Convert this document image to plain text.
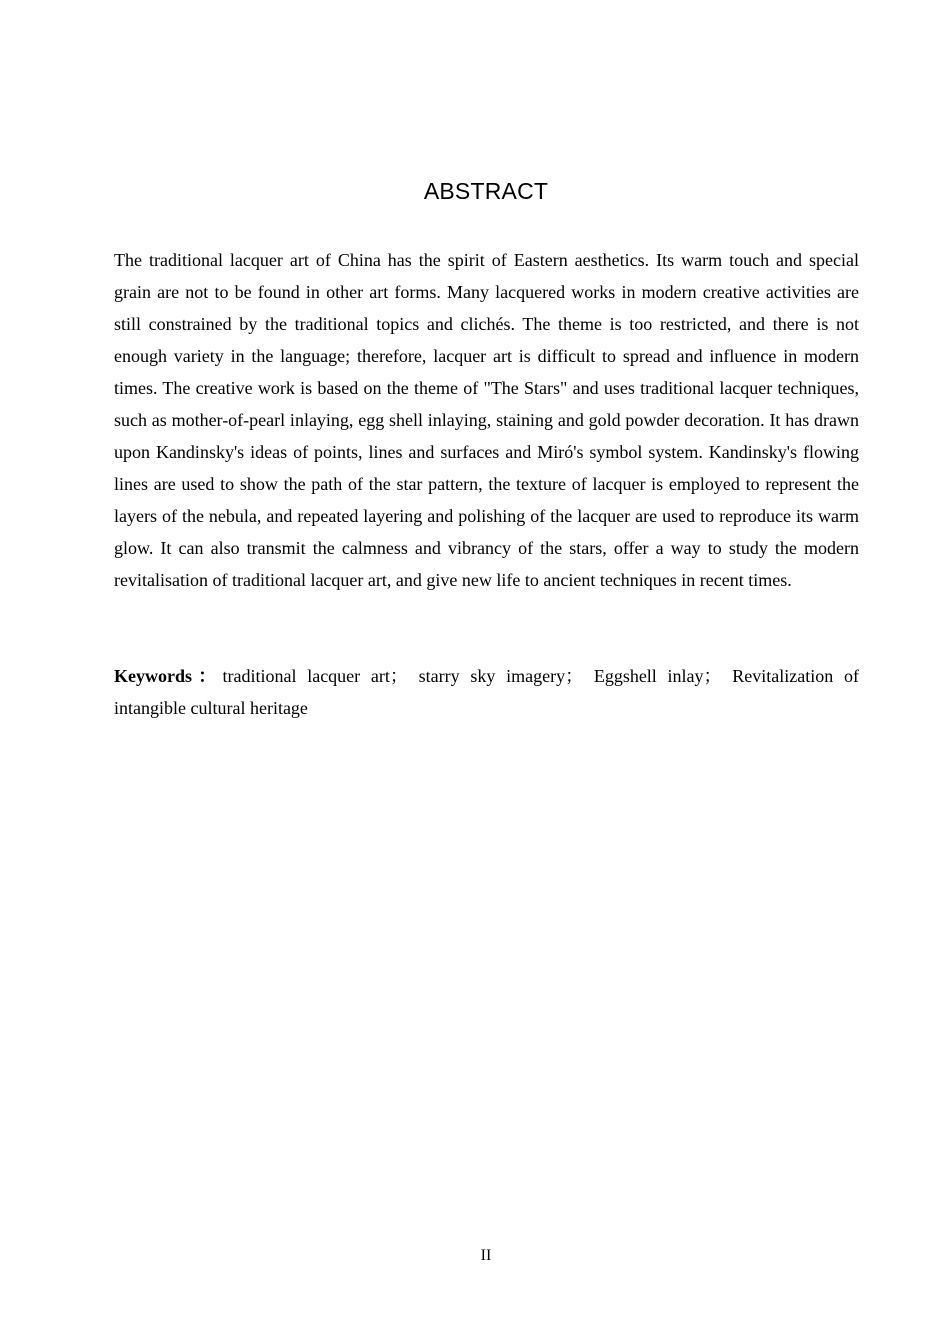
ABSTRACT

The traditional lacquer art of China has the spirit of Eastern aesthetics. Its warm touch and special grain are not to be found in other art forms. Many lacquered works in modern creative activities are still constrained by the traditional topics and clichés. The theme is too restricted, and there is not enough variety in the language; therefore, lacquer art is difficult to spread and influence in modern times. The creative work is based on the theme of "The Stars" and uses traditional lacquer techniques, such as mother-of-pearl inlaying, egg shell inlaying, staining and gold powder decoration. It has drawn upon Kandinsky's ideas of points, lines and surfaces and Miró's symbol system. Kandinsky's flowing lines are used to show the path of the star pattern, the texture of lacquer is employed to represent the layers of the nebula, and repeated layering and polishing of the lacquer are used to reproduce its warm glow. It can also transmit the calmness and vibrancy of the stars, offer a way to study the modern revitalisation of traditional lacquer art, and give new life to ancient techniques in recent times.

Keywords：traditional lacquer art； starry sky imagery； Eggshell inlay； Revitalization of intangible cultural heritage

II
